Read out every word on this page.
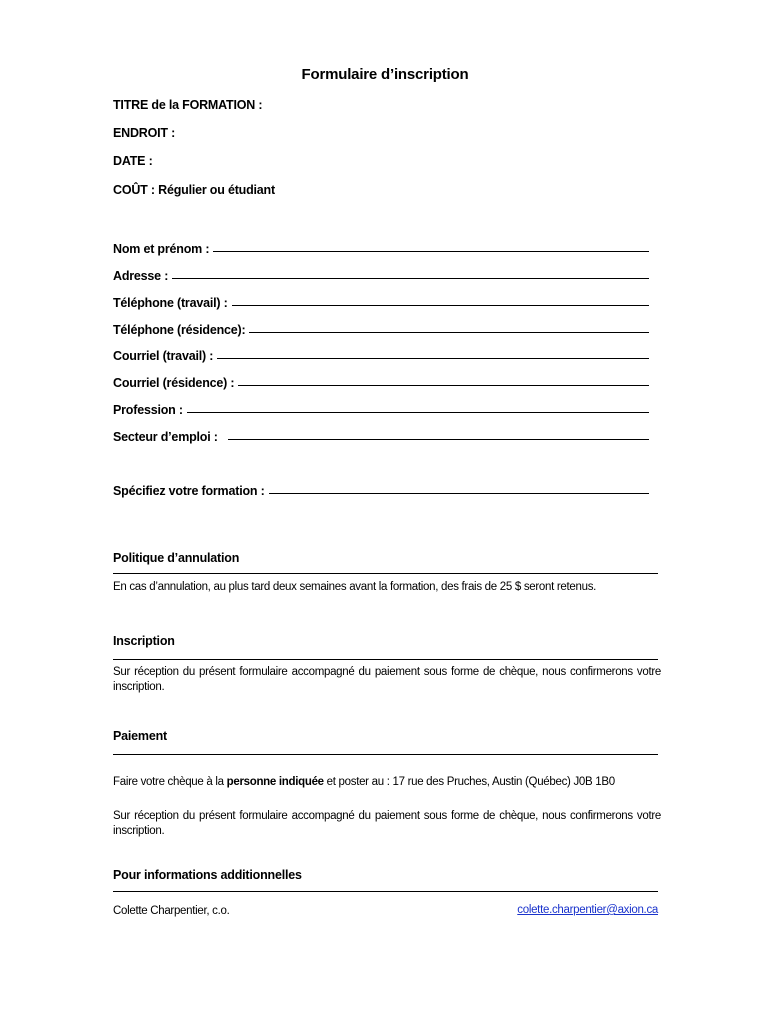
Formulaire d’inscription
TITRE de la FORMATION :
ENDROIT :
DATE :
COÛT : Régulier ou étudiant
Nom et prénom :
Adresse :
Téléphone (travail) :
Téléphone (résidence):
Courriel (travail) :
Courriel (résidence) :
Profession :
Secteur d’emploi :
Spécifiez votre formation :
Politique d’annulation
En cas d’annulation, au plus tard deux semaines avant la formation, des frais de 25 $ seront retenus.
Inscription
Sur réception du présent formulaire accompagné du paiement sous forme de chèque, nous confirmerons votre inscription.
Paiement
Faire votre chèque à la personne indiquée et poster au : 17 rue des Pruches, Austin (Québec) J0B 1B0
Sur réception du présent formulaire accompagné du paiement sous forme de chèque, nous confirmerons votre inscription.
Pour informations additionnelles
Colette Charpentier, c.o.	colette.charpentier@axion.ca
